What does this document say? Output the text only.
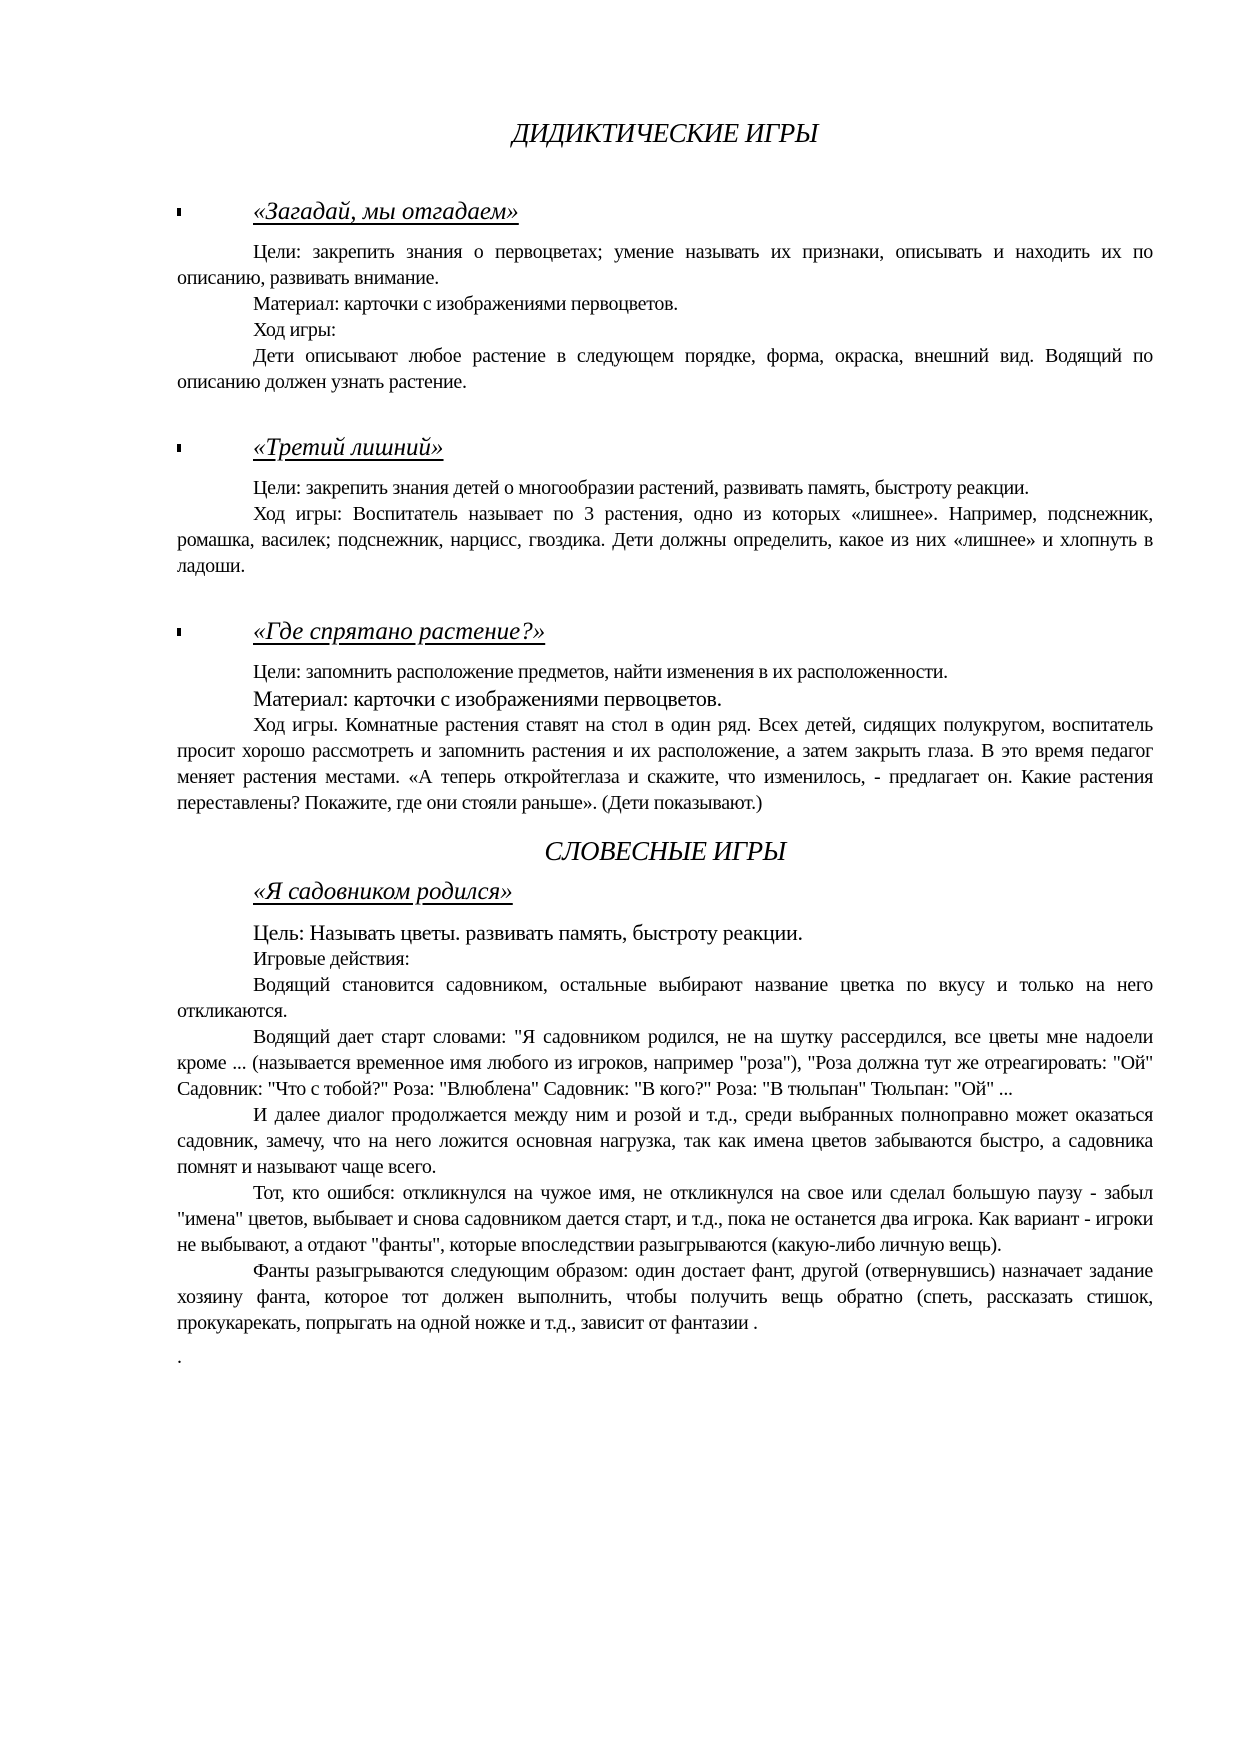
ДИДИКТИЧЕСКИЕ ИГРЫ
«Загадай, мы отгадаем»

Цели: закрепить знания о первоцветах; умение называть их признаки, описывать и находить их по описанию, развивать внимание.

Материал: карточки с изображениями первоцветов.

Ход игры:

Дети описывают любое растение в следующем порядке, форма, окраска, внешний вид. Водящий по описанию должен узнать растение.

«Третий лишний»

Цели: закрепить знания детей о многообразии растений, развивать память, быстроту реакции.

Ход игры: Воспитатель называет по 3 растения, одно из которых «лишнее». Например, подснежник, ромашка, василек; подснежник, нарцисс, гвоздика. Дети должны определить, какое из них «лишнее» и хлопнуть в ладоши.

«Где спрятано растение?»

Цели: запомнить расположение предметов, найти изменения в их расположенности.

Материал: карточки с изображениями первоцветов.

Ход игры. Комнатные растения ставят на стол в один ряд. Всех детей, сидящих полукругом, воспитатель просит хорошо рассмотреть и запомнить растения и их расположение, а затем закрыть глаза. В это время педагог меняет растения местами. «А теперь откройтеглаза и скажите, что изменилось, - предлагает он. Какие растения переставлены? Покажите, где они стояли раньше». (Дети показывают.)

СЛОВЕСНЫЕ ИГРЫ
«Я садовником родился»

Цель: Называть цветы. развивать память, быстроту реакции.

Игровые действия:

Водящий становится садовником, остальные выбирают название цветка по вкусу и только на него откликаются.

Водящий дает старт словами: "Я садовником родился, не на шутку рассердился, все цветы мне надоели кроме ... (называется временное имя любого из игроков, например "роза"), "Роза должна тут же отреагировать: "Ой" Садовник: "Что с тобой?" Роза: "Влюблена" Садовник: "В кого?" Роза: "В тюльпан" Тюльпан: "Ой" ...

И далее диалог продолжается между ним и розой и т.д., среди выбранных полноправно может оказаться садовник, замечу, что на него ложится основная нагрузка, так как имена цветов забываются быстро, а садовника помнят и называют чаще всего.

Тот, кто ошибся: откликнулся на чужое имя, не откликнулся на свое или сделал большую паузу - забыл "имена" цветов, выбывает и снова садовником дается старт, и т.д., пока не останется два игрока. Как вариант - игроки не выбывают, а отдают "фанты", которые впоследствии разыгрываются (какую-либо личную вещь).

Фанты разыгрываются следующим образом: один достает фант, другой (отвернувшись) назначает задание хозяину фанта, которое тот должен выполнить, чтобы получить вещь обратно (спеть, рассказать стишок, прокукарекать, попрыгать на одной ножке и т.д., зависит от фантазии .

.
